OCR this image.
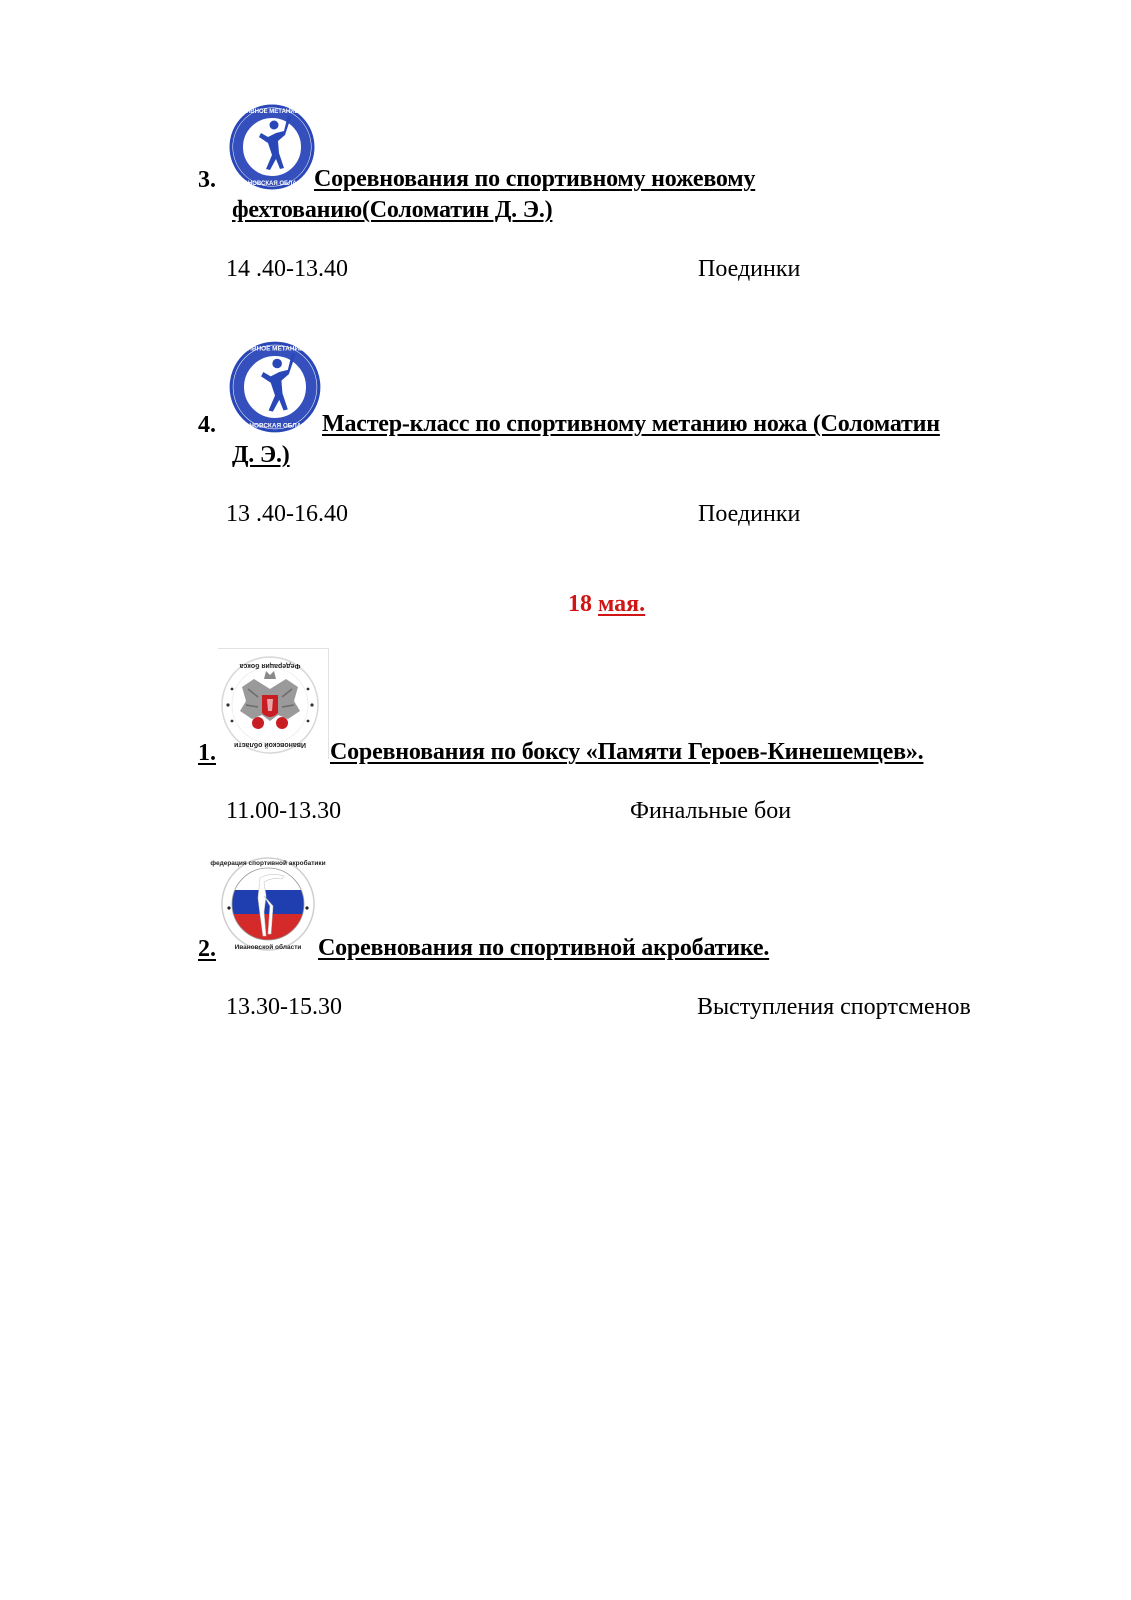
СПОРТИВНОЕ МЕТАНИЕ НОЖА
ИВАНОВСКАЯ ОБЛАСТЬ
3.	Соревнования по спортивному ножевому
фехтованию(Соломатин Д. Э.)
14 .40-13.40	Поединки
СПОРТИВНОЕ МЕТАНИЕ НОЖА
ИВАНОВСКАЯ ОБЛАСТЬ
4.	Мастер-класс по спортивному метанию ножа (Соломатин
Д. Э.)
13 .40-16.40	Поединки
18 мая.
Федерация бокса
Ивановской области
1.	Соревнования по боксу «Памяти Героев-Кинешемцев».
11.00-13.30	Финальные бои
федерация спортивной акробатики
Ивановской области
2.	Соревнования по спортивной акробатике.
13.30-15.30	Выступления спортсменов
